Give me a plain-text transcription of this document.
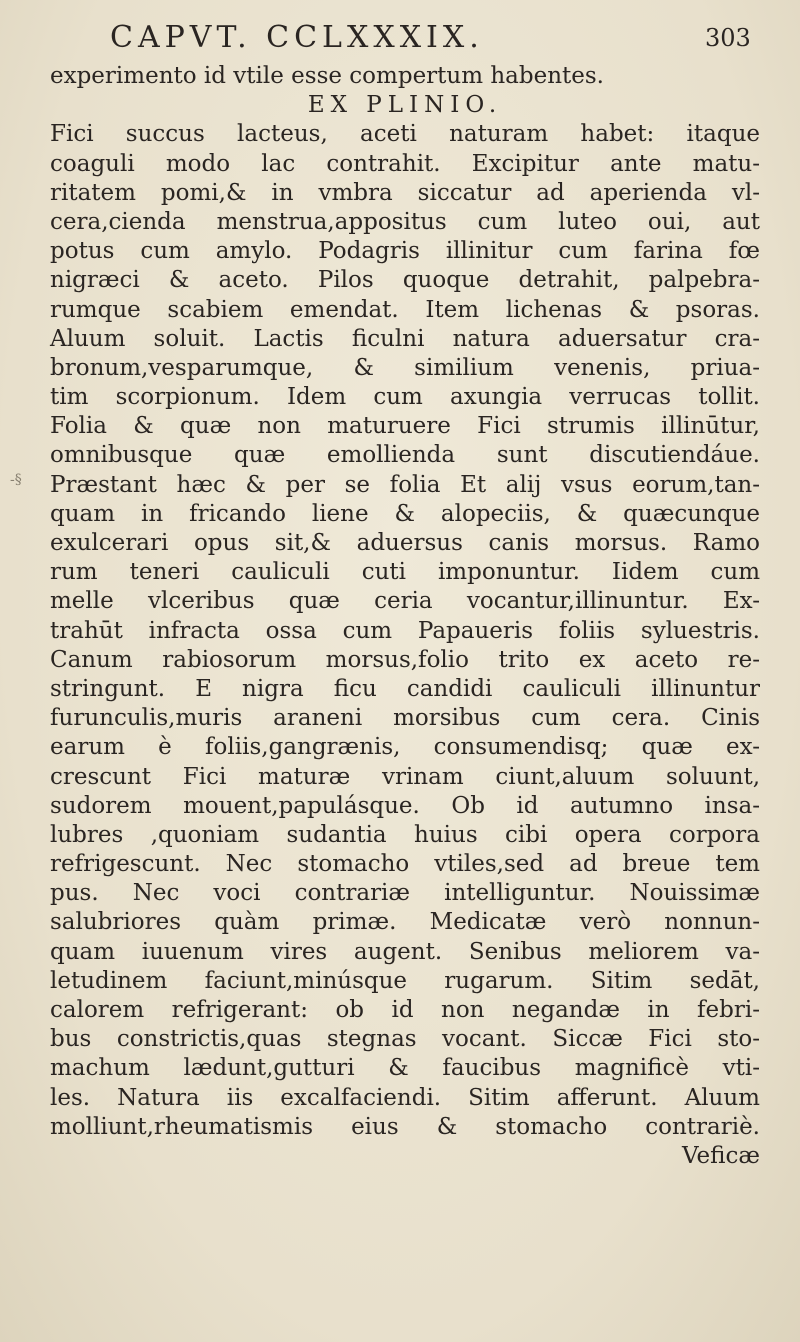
CAPVT. CCLXXXIX.	303
-§
experimento id vtile esse compertum habentes.
EX PLINIO.
Fici succus lacteus, aceti naturam habet: itaque
coaguli modo lac contrahit. Excipitur ante matu-
ritatem pomi,& in vmbra siccatur ad aperienda vl-
cera,cienda menstrua,appositus cum luteo oui, aut
potus cum amylo. Podagris illinitur cum farina fœ
nigræci & aceto. Pilos quoque detrahit, palpebra-
rumque scabiem emendat. Item lichenas & psoras.
Aluum soluit. Lactis ficulni natura aduersatur cra-
bronum,vesparumque, & similium venenis, priua-
tim scorpionum. Idem cum axungia verrucas tollit.
Folia & quæ non maturuere Fici strumis illinūtur,
omnibusque quæ emollienda sunt discutiendáue.
Præstant hæc & per se folia Et alij vsus eorum,tan-
quam in fricando liene & alopeciis, & quæcunque
exulcerari opus sit,& aduersus canis morsus. Ramo
rum teneri cauliculi cuti imponuntur. Iidem cum
melle vlceribus quæ ceria vocantur,illinuntur. Ex-
trahūt infracta ossa cum Papaueris foliis syluestris.
Canum rabiosorum morsus,folio trito ex aceto re-
stringunt. E nigra ficu candidi cauliculi illinuntur
furunculis,muris araneni morsibus cum cera. Cinis
earum è foliis,gangrænis, consumendisq; quæ ex-
crescunt Fici maturæ vrinam ciunt,aluum soluunt,
sudorem mouent,papulásque. Ob id autumno insa-
lubres ,quoniam sudantia huius cibi opera corpora
refrigescunt. Nec stomacho vtiles,sed ad breue tem
pus. Nec voci contrariæ intelliguntur. Nouissimæ
salubriores quàm primæ. Medicatæ verò nonnun-
quam iuuenum vires augent. Senibus meliorem va-
letudinem faciunt,minúsque rugarum. Sitim sedāt,
calorem refrigerant: ob id non negandæ in febri-
bus constrictis,quas stegnas vocant. Siccæ Fici sto-
machum lædunt,gutturi & faucibus magnificè vti-
les. Natura iis excalfaciendi. Sitim afferunt. Aluum
molliunt,rheumatismis eius & stomacho contrariè.
Veficæ
